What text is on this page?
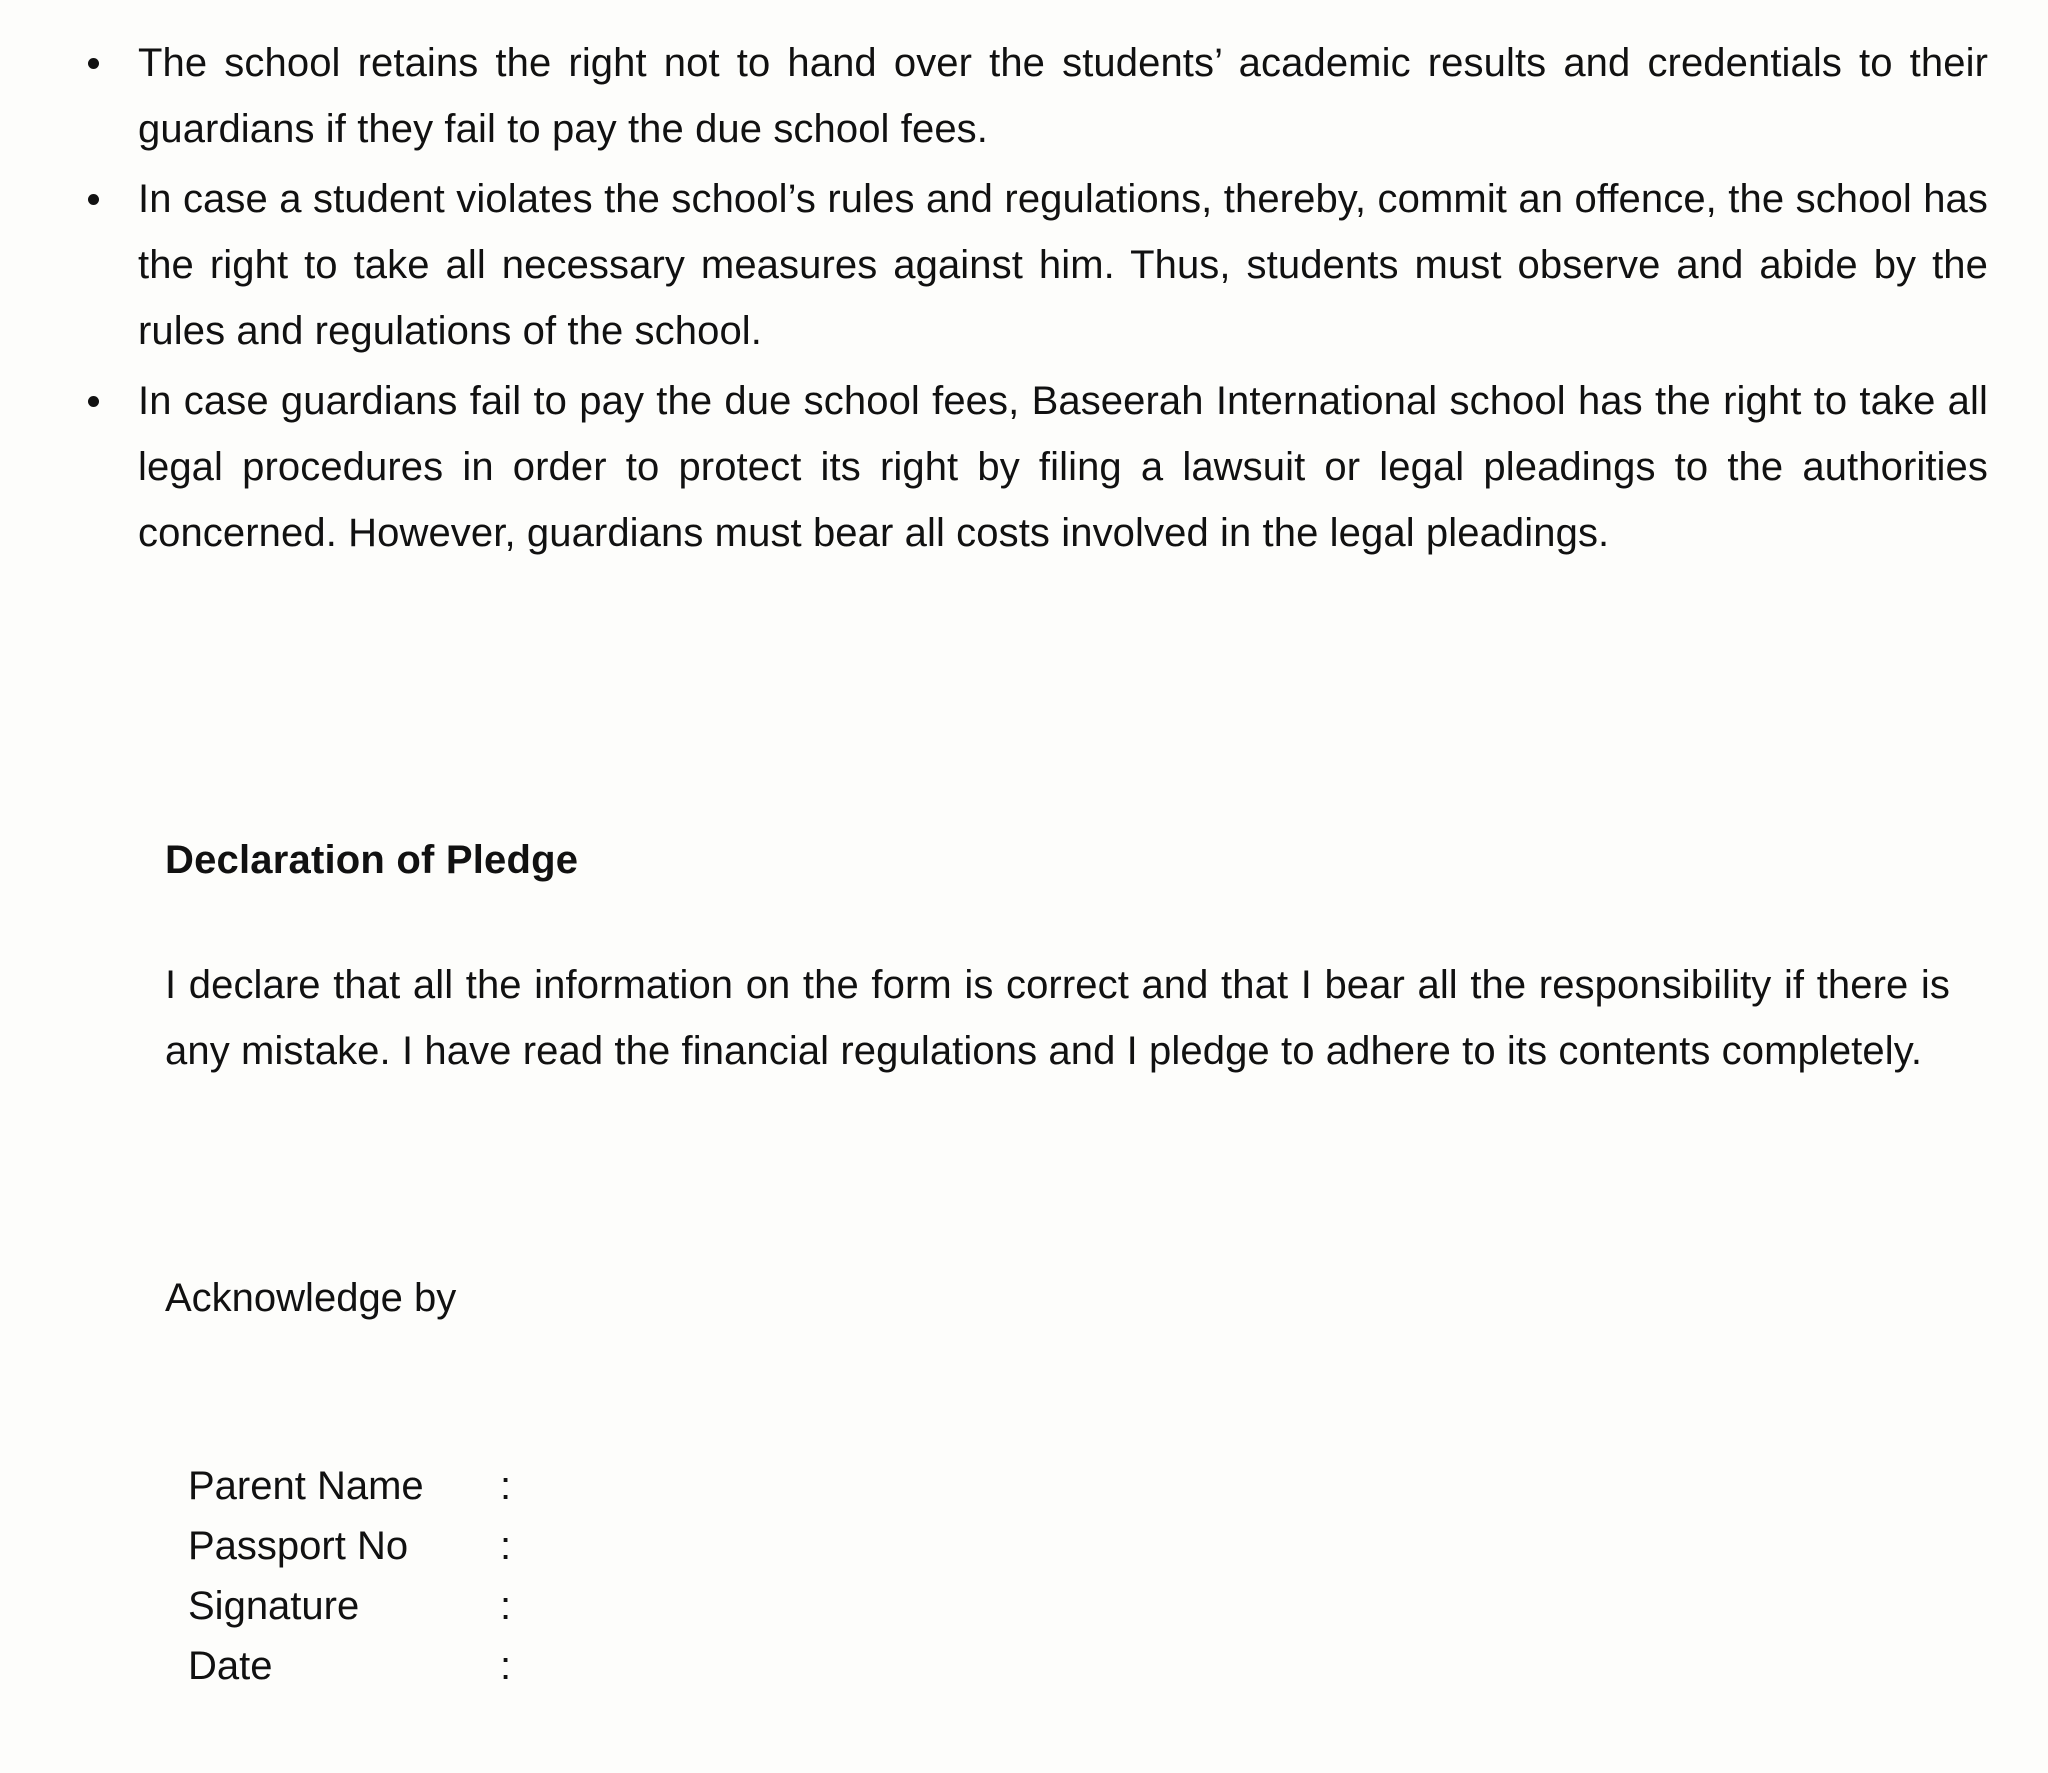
The school retains the right not to hand over the students’ academic results and credentials to their guardians if they fail to pay the due school fees.
In case a student violates the school’s rules and regulations, thereby, commit an offence, the school has the right to take all necessary measures against him. Thus, students must observe and abide by the rules and regulations of the school.
In case guardians fail to pay the due school fees, Baseerah International school has the right to take all legal procedures in order to protect its right by filing a lawsuit or legal pleadings to the authorities concerned. However, guardians must bear all costs involved in the legal pleadings.
Declaration of Pledge

I declare that all the information on the form is correct and that I bear all the responsibility if there is any mistake. I have read the financial regulations and I pledge to adhere to its contents completely.

Acknowledge by
Parent Name	:
Passport No	:
Signature	:
Date	:
